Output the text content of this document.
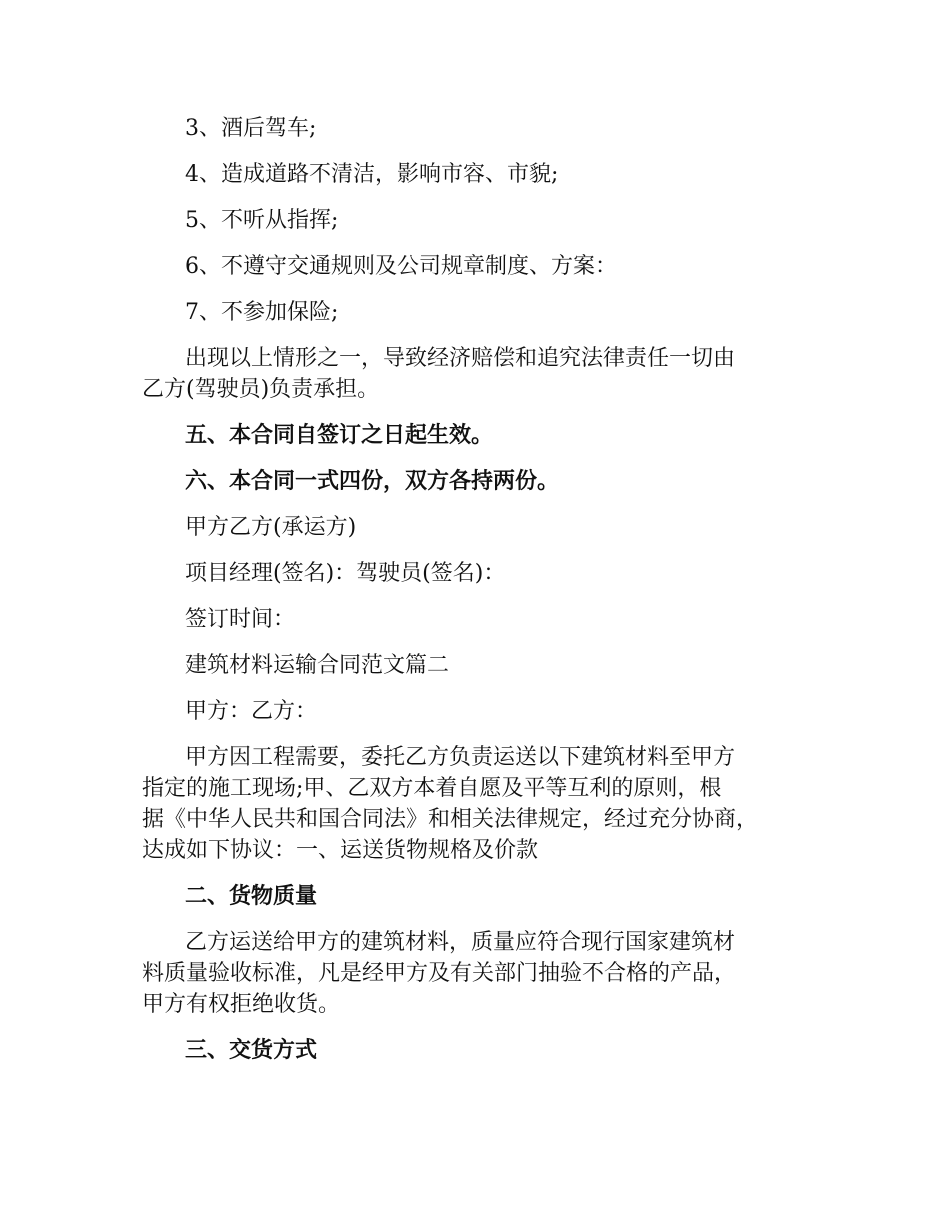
3、酒后驾车;
4、造成道路不清洁，影响市容、市貌;
5、不听从指挥;
6、不遵守交通规则及公司规章制度、方案：
7、不参加保险;
出现以上情形之一，导致经济赔偿和追究法律责任一切由
乙方(驾驶员)负责承担。
五、本合同自签订之日起生效。
六、本合同一式四份，双方各持两份。
甲方乙方(承运方)
项目经理(签名)：驾驶员(签名)：
签订时间：
建筑材料运输合同范文篇二
甲方：乙方：
甲方因工程需要，委托乙方负责运送以下建筑材料至甲方
指定的施工现场;甲、乙双方本着自愿及平等互利的原则，根
据《中华人民共和国合同法》和相关法律规定，经过充分协商，
达成如下协议：一、运送货物规格及价款
二、货物质量
乙方运送给甲方的建筑材料，质量应符合现行国家建筑材
料质量验收标准，凡是经甲方及有关部门抽验不合格的产品，
甲方有权拒绝收货。
三、交货方式
